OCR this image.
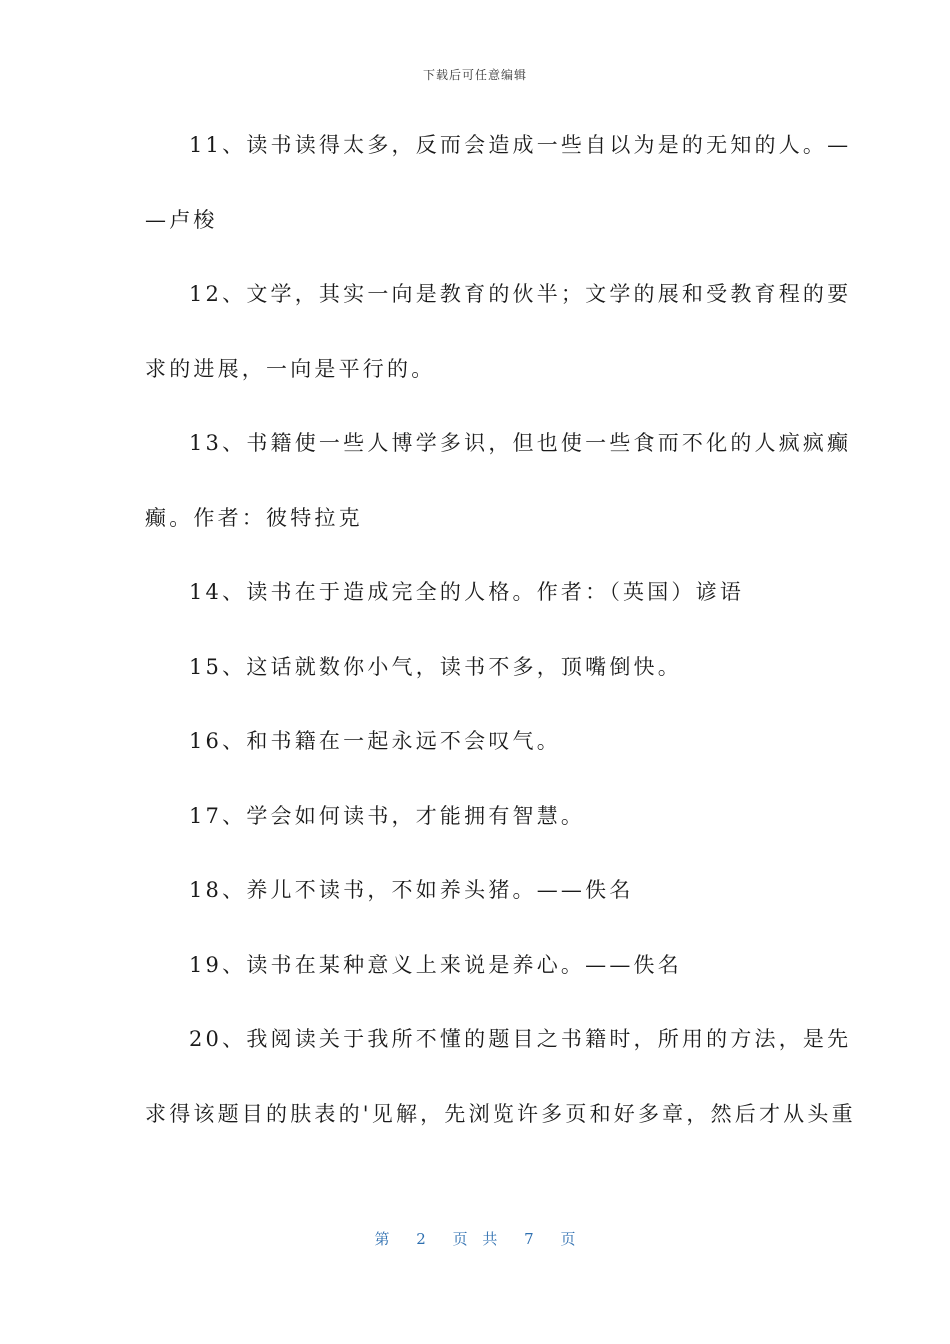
下载后可任意编辑
11、读书读得太多，反而会造成一些自以为是的无知的人。—
—卢梭
12、文学，其实一向是教育的伙半；文学的展和受教育程的要
求的进展，一向是平行的。
13、书籍使一些人博学多识，但也使一些食而不化的人疯疯癫
癫。作者：彼特拉克
14、读书在于造成完全的人格。作者：（英国）谚语
15、这话就数你小气，读书不多，顶嘴倒快。
16、和书籍在一起永远不会叹气。
17、学会如何读书，才能拥有智慧。
18、养儿不读书，不如养头猪。——佚名
19、读书在某种意义上来说是养心。——佚名
20、我阅读关于我所不懂的题目之书籍时，所用的方法，是先
求得该题目的肤表的'见解，先浏览许多页和好多章，然后才从头重
第 2 页 共 7 页
